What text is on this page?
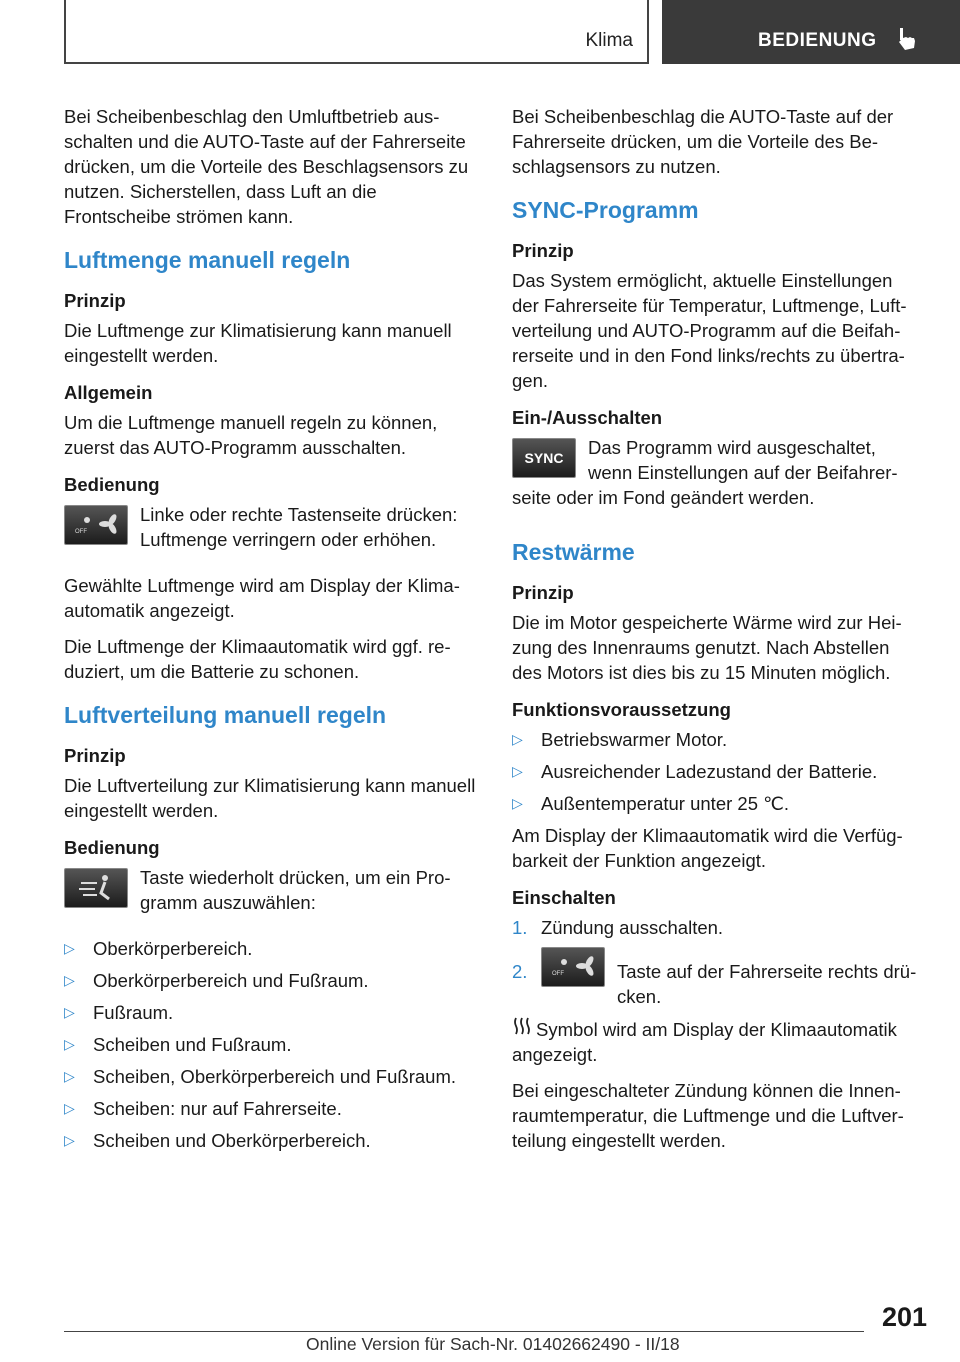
Klima	BEDIENUNG

Bei Scheibenbeschlag den Umluftbetrieb ausschalten und die AUTO-Taste auf der Fahrerseite drücken, um die Vorteile des Beschlagsensors zu nutzen. Sicherstellen, dass Luft an die Frontscheibe strömen kann.

Luftmenge manuell regeln
Prinzip

Die Luftmenge zur Klimatisierung kann manuell eingestellt werden.

Allgemein

Um die Luftmenge manuell regeln zu können, zuerst das AUTO-Programm ausschalten.

Bedienung
OFF

Linke oder rechte Tastenseite drücken: Luftmenge verringern oder erhöhen.

Gewählte Luftmenge wird am Display der Klimaautomatik angezeigt.

Die Luftmenge der Klimaautomatik wird ggf. reduziert, um die Batterie zu schonen.

Luftverteilung manuell regeln
Prinzip

Die Luftverteilung zur Klimatisierung kann manuell eingestellt werden.

Bedienung

Taste wiederholt drücken, um ein Programm auszuwählen:

▷ Oberkörperbereich.
▷ Oberkörperbereich und Fußraum.
▷ Fußraum.
▷ Scheiben und Fußraum.
▷ Scheiben, Oberkörperbereich und Fußraum.
▷ Scheiben: nur auf Fahrerseite.
▷ Scheiben und Oberkörperbereich.

Bei Scheibenbeschlag die AUTO-Taste auf der Fahrerseite drücken, um die Vorteile des Beschlagsensors zu nutzen.

SYNC-Programm
Prinzip

Das System ermöglicht, aktuelle Einstellungen der Fahrerseite für Temperatur, Luftmenge, Luftverteilung und AUTO-Programm auf die Beifahrerseite und in den Fond links/rechts zu übertragen.

Ein-/Ausschalten
SYNC	Das Programm wird ausgeschaltet, wenn Einstellungen auf der Beifahrerseite oder im Fond geändert werden.

Restwärme
Prinzip

Die im Motor gespeicherte Wärme wird zur Heizung des Innenraums genutzt. Nach Abstellen des Motors ist dies bis zu 15 Minuten möglich.

Funktionsvoraussetzung
▷ Betriebswarmer Motor.
▷ Ausreichender Ladezustand der Batterie.
▷ Außentemperatur unter 25 ℃.

Am Display der Klimaautomatik wird die Verfügbarkeit der Funktion angezeigt.

Einschalten
1. Zündung ausschalten.
2.	OFF	Taste auf der Fahrerseite rechts drücken.

Symbol wird am Display der Klimaautomatik angezeigt.

Bei eingeschalteter Zündung können die Innenraumtemperatur, die Luftmenge und die Luftverteilung eingestellt werden.

201
Online Version für Sach-Nr. 01402662490 - II/18
